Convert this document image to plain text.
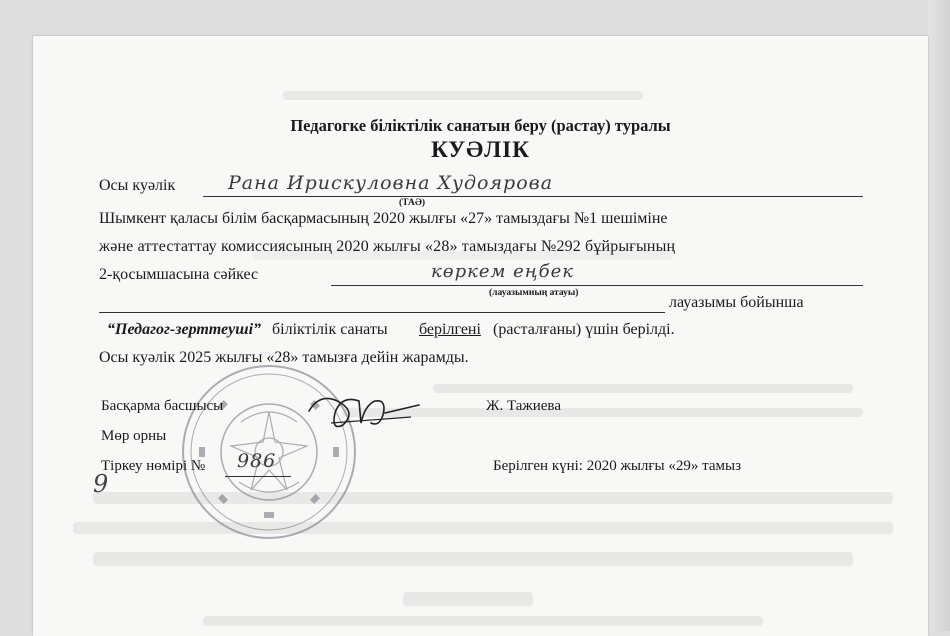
Педагогке біліктілік санатын беру (растау) туралы
КУӘЛІК
Осы куәлік	Рана Ирискуловна Худоярова
(ТАӘ)
Шымкент қаласы білім басқармасының 2020 жылғы «27» тамыздағы №1 шешіміне
және аттестаттау комиссиясының 2020 жылғы «28» тамыздағы №292 бұйрығының
2-қосымшасына сәйкес	көркем еңбек
(лауазымның атауы)
лауазымы бойынша
“Педагог-зерттеуші” біліктілік санаты берілгені (расталғаны) үшін берілді.
Осы куәлік 2025 жылғы «28» тамызға дейін жарамды.
Басқарма басшысы	Ж. Тажиева
Мөр орны
Тіркеу нөмірі № 986	Берілген күні: 2020 жылғы «29» тамыз
9
